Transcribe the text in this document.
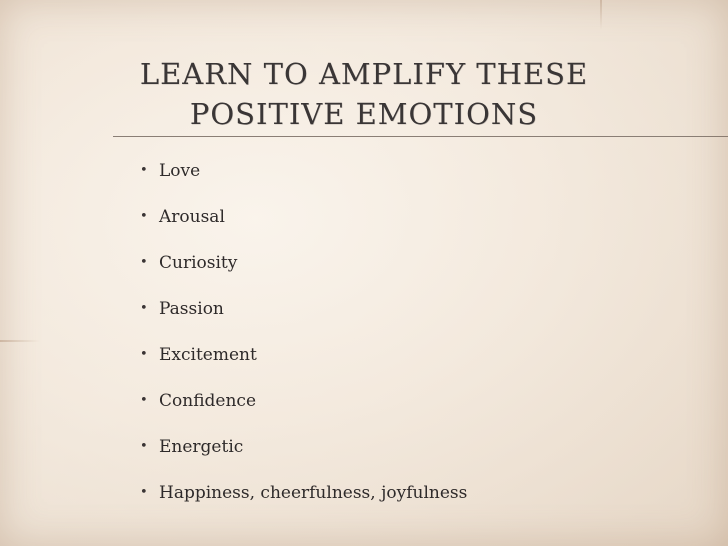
LEARN TO AMPLIFY THESE
POSITIVE EMOTIONS
• Love
• Arousal
• Curiosity
• Passion
• Excitement
• Confidence
• Energetic
• Happiness, cheerfulness, joyfulness
